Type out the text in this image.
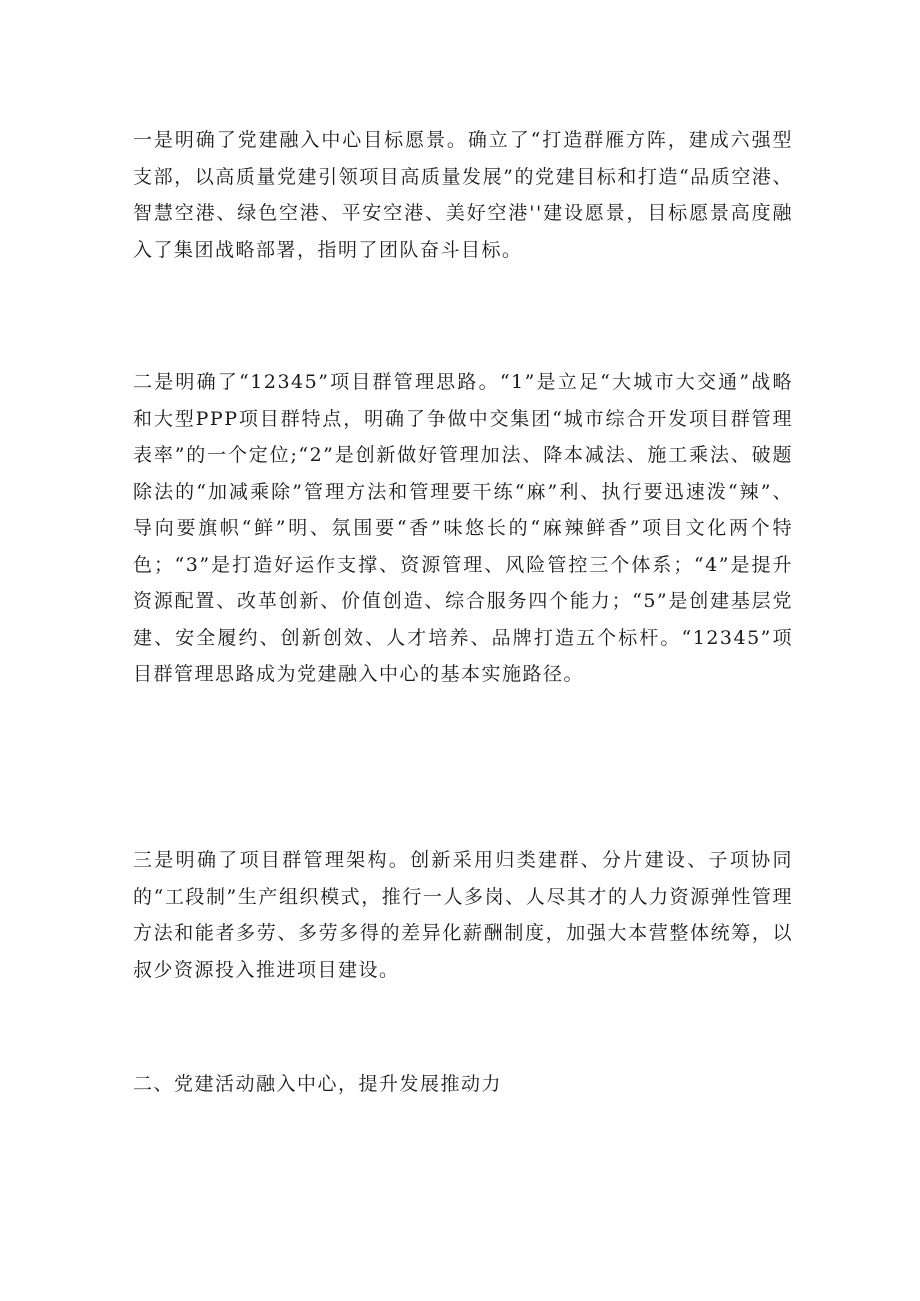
一是明确了党建融入中心目标愿景。确立了“打造群雁方阵，建成六强型支部，以高质量党建引领项目高质量发展”的党建目标和打造“品质空港、智慧空港、绿色空港、平安空港、美好空港''建设愿景，目标愿景高度融入了集团战略部署，指明了团队奋斗目标。

二是明确了“12345”项目群管理思路。“1”是立足“大城市大交通”战略和大型PPP项目群特点，明确了争做中交集团“城市综合开发项目群管理表率”的一个定位;“2”是创新做好管理加法、降本减法、施工乘法、破题除法的“加减乘除”管理方法和管理要干练“麻”利、执行要迅速泼“辣”、导向要旗帜“鲜”明、氛围要“香”味悠长的“麻辣鲜香”项目文化两个特色；“3”是打造好运作支撑、资源管理、风险管控三个体系；“4”是提升资源配置、改革创新、价值创造、综合服务四个能力；“5”是创建基层党建、安全履约、创新创效、人才培养、品牌打造五个标杆。“12345”项目群管理思路成为党建融入中心的基本实施路径。

三是明确了项目群管理架构。创新采用归类建群、分片建设、子项协同的“工段制”生产组织模式，推行一人多岗、人尽其才的人力资源弹性管理方法和能者多劳、多劳多得的差异化薪酬制度，加强大本营整体统筹，以叔少资源投入推进项目建设。

二、党建活动融入中心，提升发展推动力
